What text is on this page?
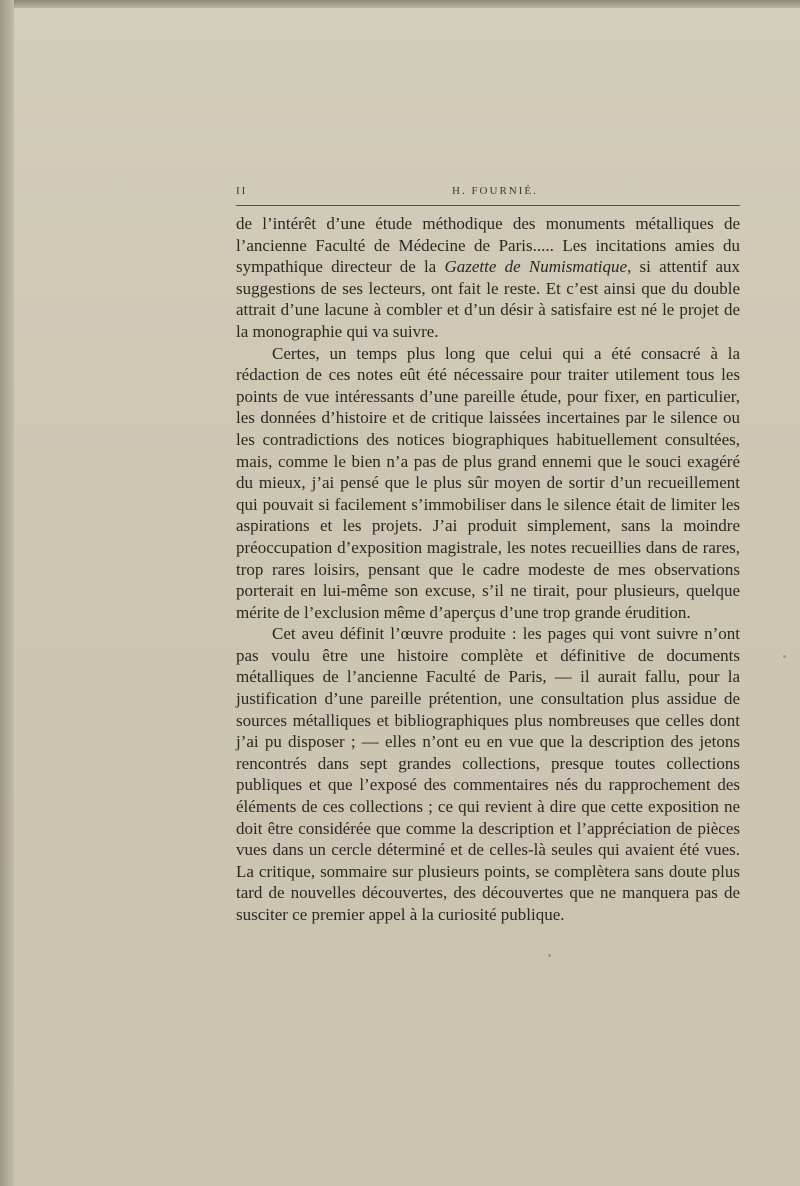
II	H. FOURNIÉ.

de l’intérêt d’une étude méthodique des monuments métalliques de l’ancienne Faculté de Médecine de Paris..... Les incitations amies du sympathique directeur de la Gazette de Numismatique, si attentif aux suggestions de ses lecteurs, ont fait le reste. Et c’est ainsi que du double attrait d’une lacune à combler et d’un désir à satisfaire est né le projet de la monographie qui va suivre.

Certes, un temps plus long que celui qui a été consacré à la rédaction de ces notes eût été nécessaire pour traiter utilement tous les points de vue intéressants d’une pareille étude, pour fixer, en particulier, les données d’histoire et de critique laissées incertaines par le silence ou les contradictions des notices biographiques habituellement consultées, mais, comme le bien n’a pas de plus grand ennemi que le souci exagéré du mieux, j’ai pensé que le plus sûr moyen de sortir d’un recueillement qui pouvait si facilement s’immobiliser dans le silence était de limiter les aspirations et les projets. J’ai produit simplement, sans la moindre préoccupation d’exposition magistrale, les notes recueillies dans de rares, trop rares loisirs, pensant que le cadre modeste de mes observations porterait en lui-même son excuse, s’il ne tirait, pour plusieurs, quelque mérite de l’exclusion même d’aperçus d’une trop grande érudition.

Cet aveu définit l’œuvre produite : les pages qui vont suivre n’ont pas voulu être une histoire complète et définitive de documents métalliques de l’ancienne Faculté de Paris, — il aurait fallu, pour la justification d’une pareille prétention, une consultation plus assidue de sources métalliques et bibliographiques plus nombreuses que celles dont j’ai pu disposer ; — elles n’ont eu en vue que la description des jetons rencontrés dans sept grandes collections, presque toutes collections publiques et que l’exposé des commentaires nés du rapprochement des éléments de ces collections ; ce qui revient à dire que cette exposition ne doit être considérée que comme la description et l’appréciation de pièces vues dans un cercle déterminé et de celles-là seules qui avaient été vues. La critique, sommaire sur plusieurs points, se complètera sans doute plus tard de nouvelles découvertes, des découvertes que ne manquera pas de susciter ce premier appel à la curiosité publique.
